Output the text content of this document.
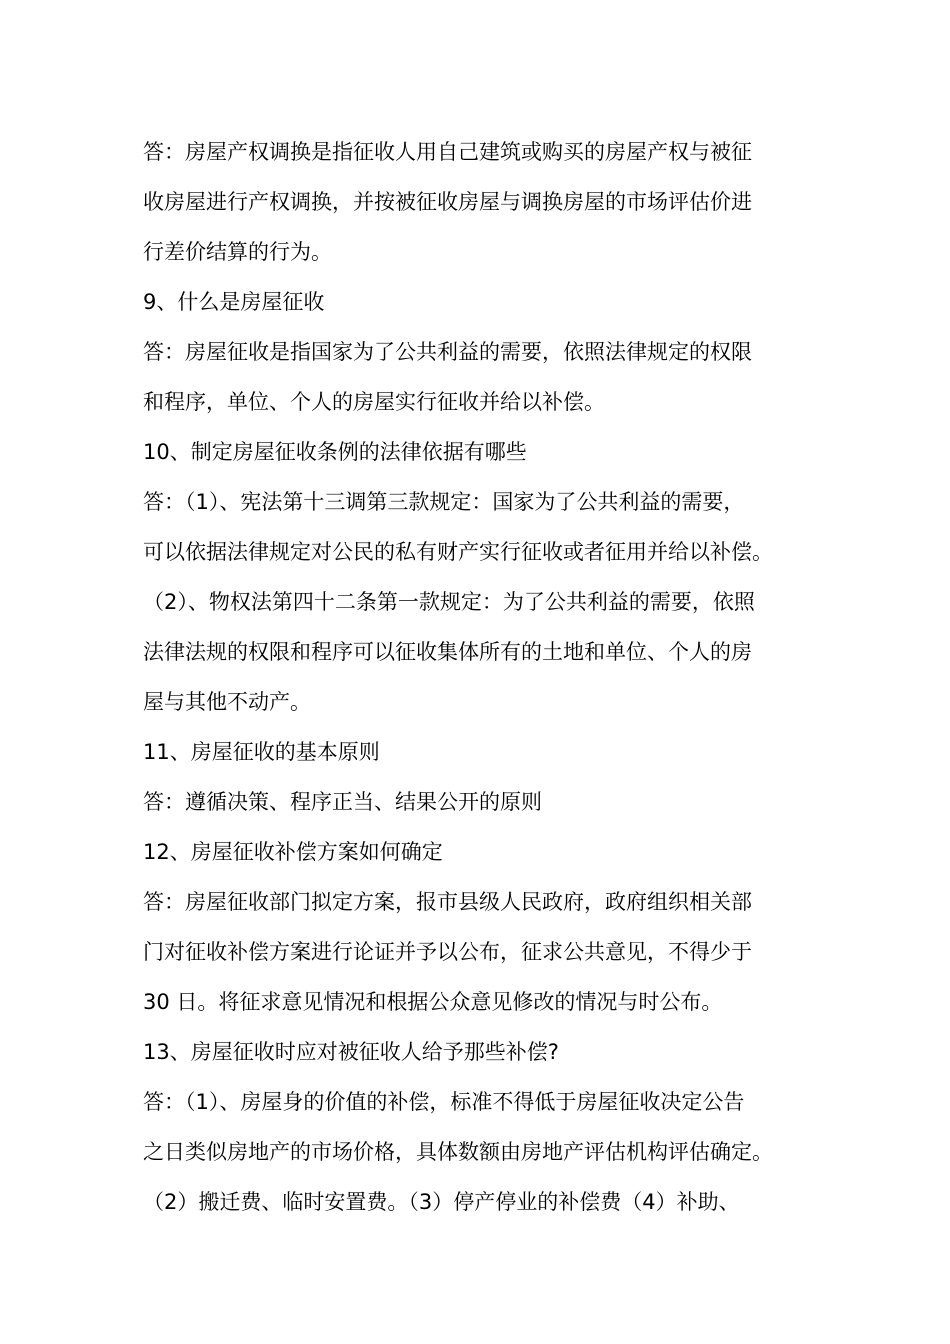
答：房屋产权调换是指征收人用自己建筑或购买的房屋产权与被征
收房屋进行产权调换，并按被征收房屋与调换房屋的市场评估价进
行差价结算的行为。
9、什么是房屋征收
答：房屋征收是指国家为了公共利益的需要，依照法律规定的权限
和程序，单位、个人的房屋实行征收并给以补偿。
10、制定房屋征收条例的法律依据有哪些
答：（1）、宪法第十三调第三款规定：国家为了公共利益的需要，
可以依据法律规定对公民的私有财产实行征收或者征用并给以补偿。
（2）、物权法第四十二条第一款规定：为了公共利益的需要，依照
法律法规的权限和程序可以征收集体所有的土地和单位、个人的房
屋与其他不动产。
11、房屋征收的基本原则
答：遵循决策、程序正当、结果公开的原则
12、房屋征收补偿方案如何确定
答：房屋征收部门拟定方案，报市县级人民政府，政府组织相关部
门对征收补偿方案进行论证并予以公布，征求公共意见，不得少于
30 日。将征求意见情况和根据公众意见修改的情况与时公布。
13、房屋征收时应对被征收人给予那些补偿?
答：（1）、房屋身的价值的补偿，标准不得低于房屋征收决定公告
之日类似房地产的市场价格，具体数额由房地产评估机构评估确定。
（2）搬迁费、临时安置费。（3）停产停业的补偿费（4）补助、
